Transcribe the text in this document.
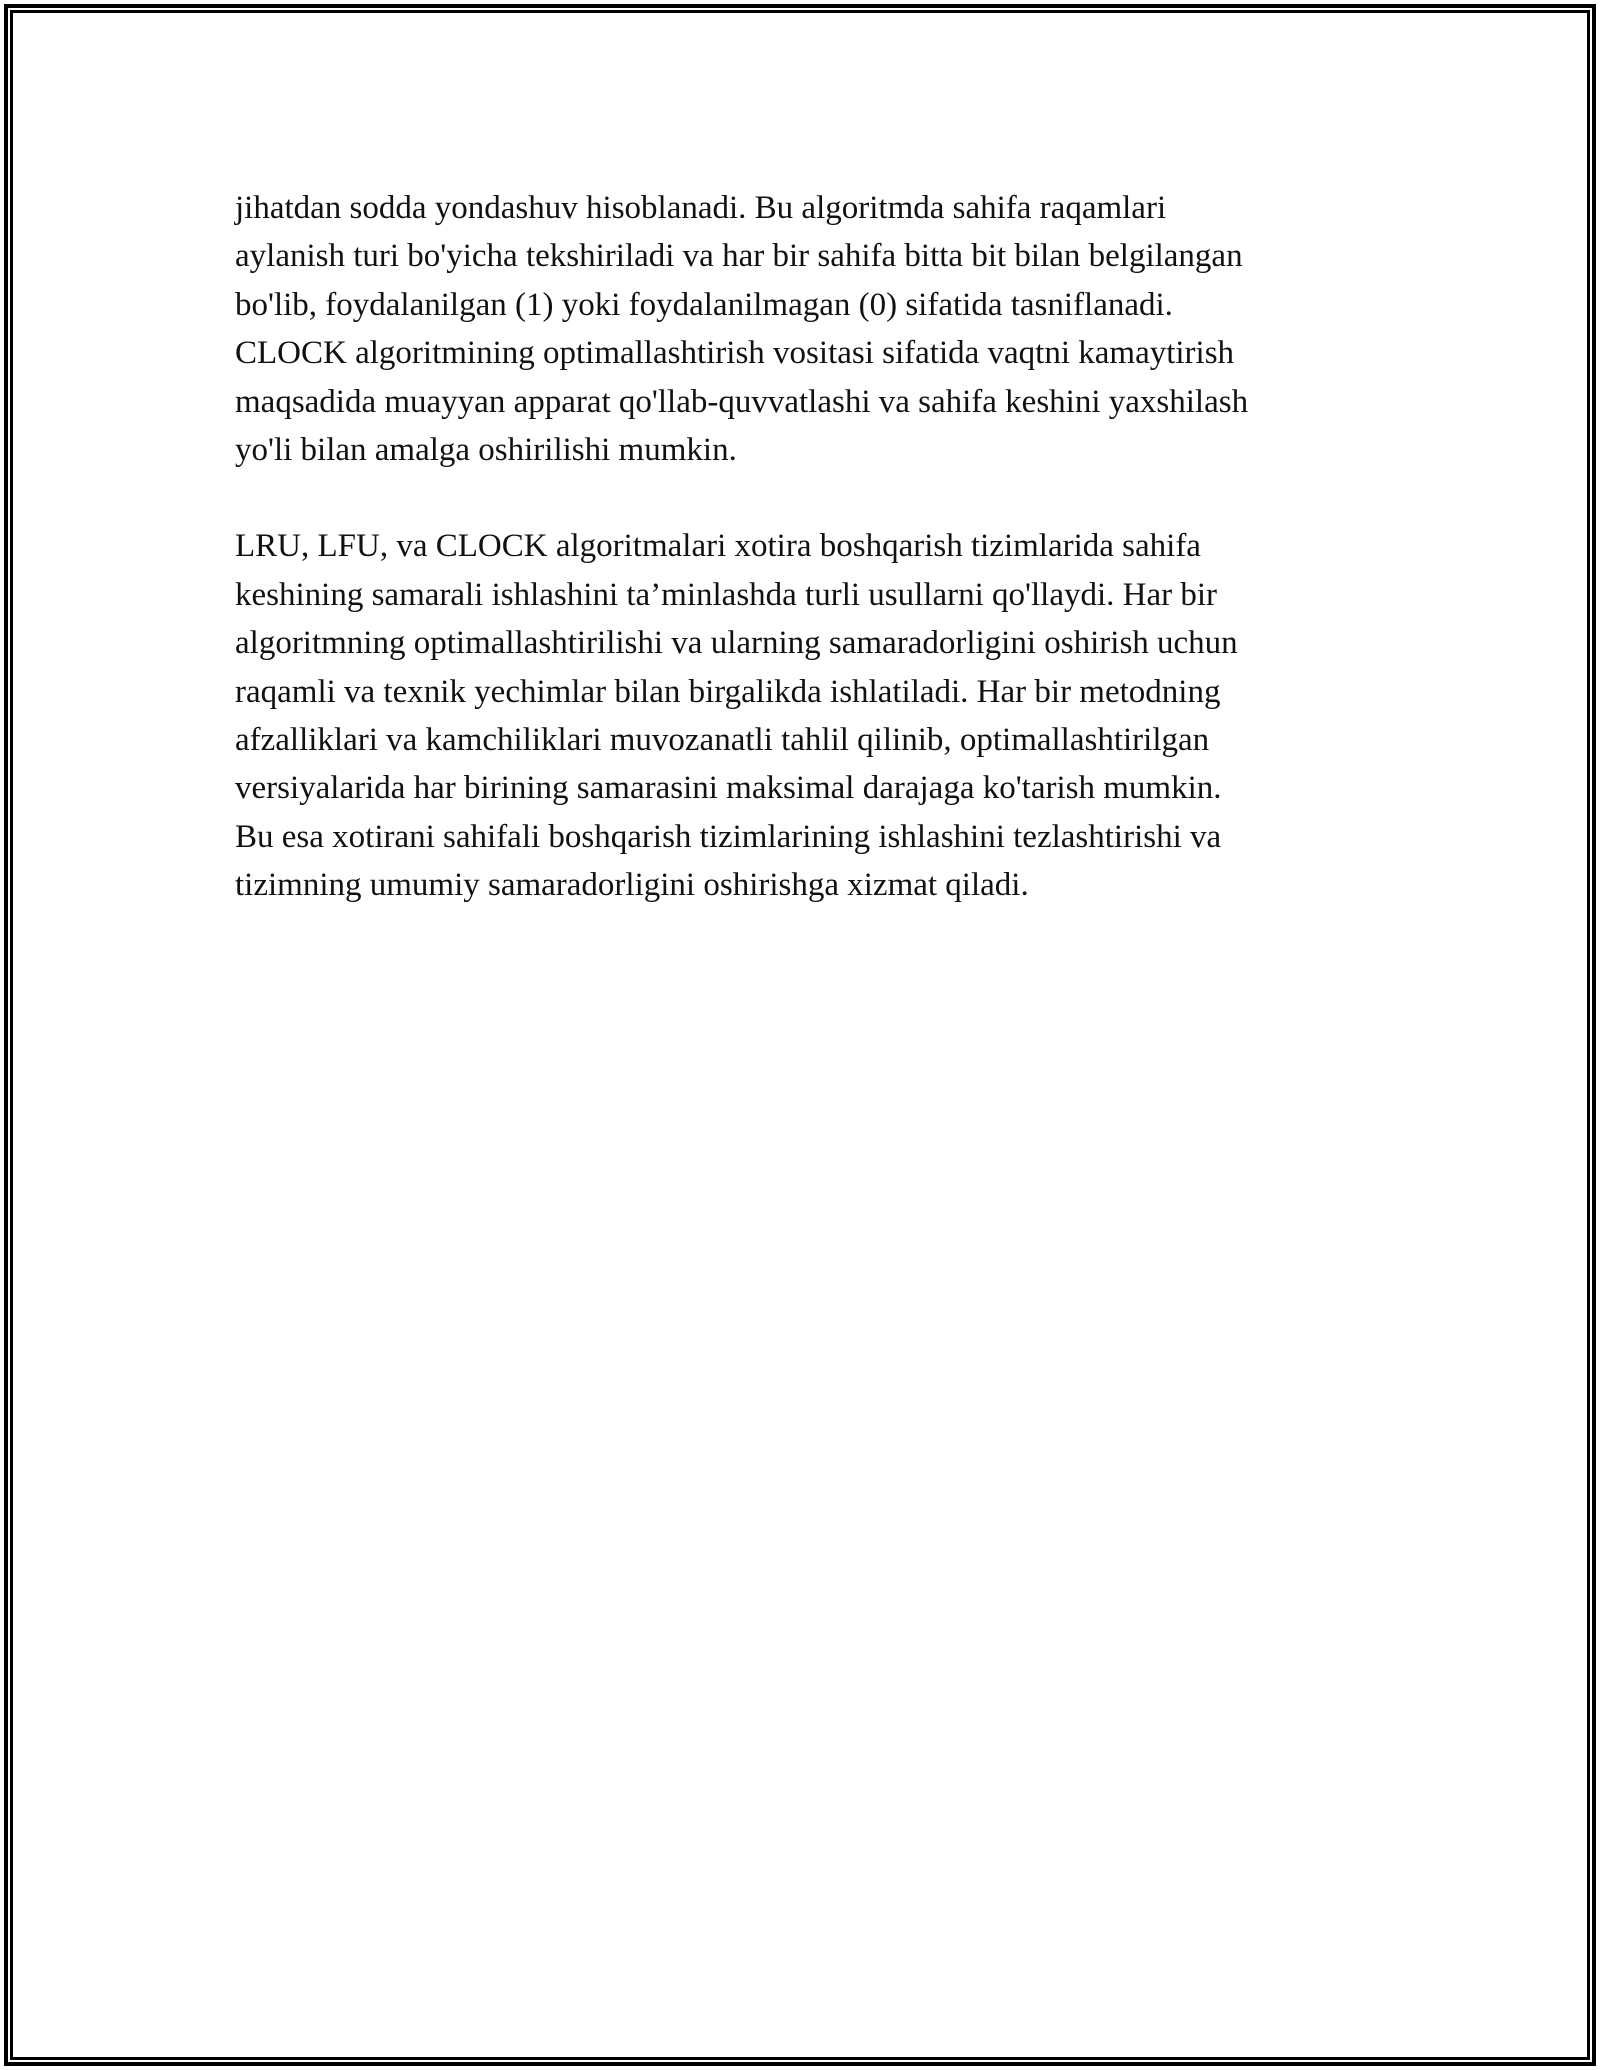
jihatdan sodda yondashuv hisoblanadi. Bu algoritmda sahifa raqamlari
aylanish turi bo'yicha tekshiriladi va har bir sahifa bitta bit bilan belgilangan
bo'lib, foydalanilgan (1) yoki foydalanilmagan (0) sifatida tasniflanadi.
CLOCK algoritmining optimallashtirish vositasi sifatida vaqtni kamaytirish
maqsadida muayyan apparat qo'llab-quvvatlashi va sahifa keshini yaxshilash
yo'li bilan amalga oshirilishi mumkin.

LRU, LFU, va CLOCK algoritmalari xotira boshqarish tizimlarida sahifa
keshining samarali ishlashini ta’minlashda turli usullarni qo'llaydi. Har bir
algoritmning optimallashtirilishi va ularning samaradorligini oshirish uchun
raqamli va texnik yechimlar bilan birgalikda ishlatiladi. Har bir metodning
afzalliklari va kamchiliklari muvozanatli tahlil qilinib, optimallashtirilgan
versiyalarida har birining samarasini maksimal darajaga ko'tarish mumkin.
Bu esa xotirani sahifali boshqarish tizimlarining ishlashini tezlashtirishi va
tizimning umumiy samaradorligini oshirishga xizmat qiladi.
